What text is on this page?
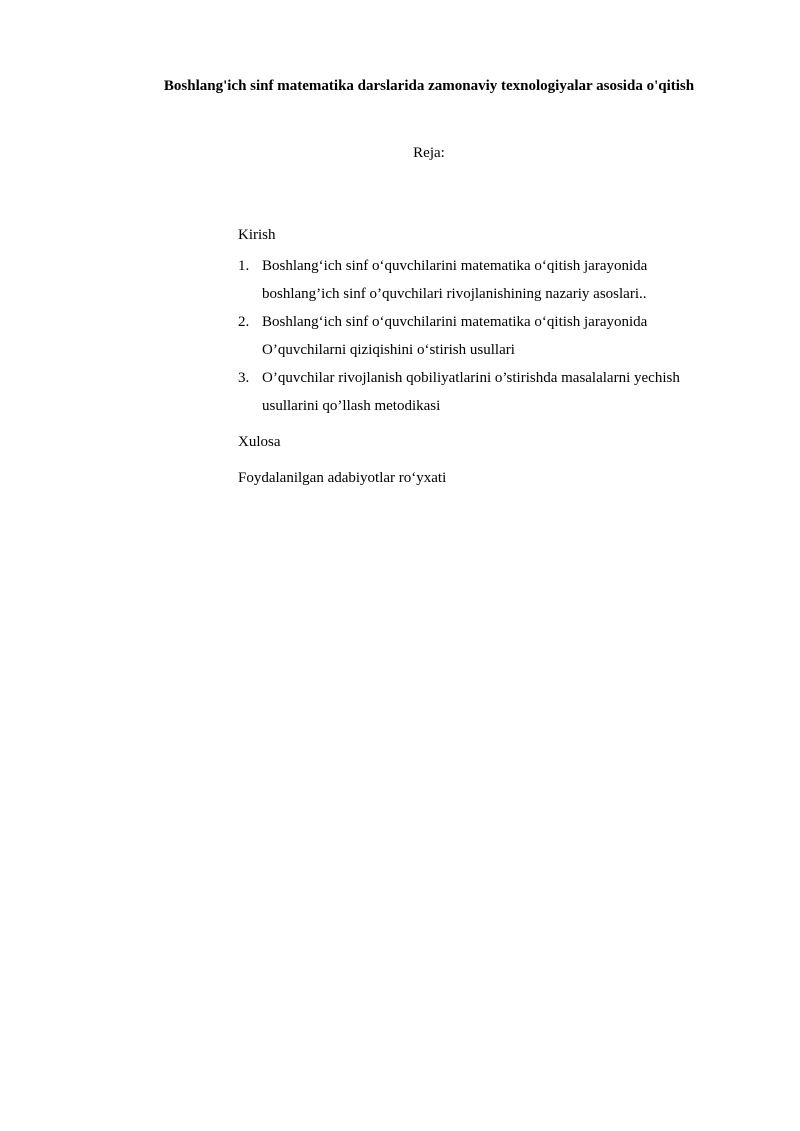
Boshlang'ich sinf matematika darslarida zamonaviy texnologiyalar asosida o'qitish

Reja:

Kirish

1. Boshlang‘ich sinf o‘quvchilarini matematika o‘qitish jarayonida
boshlang’ich sinf o’quvchilari rivojlanishining nazariy asoslari..
2. Boshlang‘ich sinf o‘quvchilarini matematika o‘qitish jarayonida
O’quvchilarni qiziqishini o‘stirish usullari
3. O’quvchilar rivojlanish qobiliyatlarini o’stirishda masalalarni yechish
usullarini qo’llash metodikasi

Xulosa

Foydalanilgan adabiyotlar ro‘yxati
